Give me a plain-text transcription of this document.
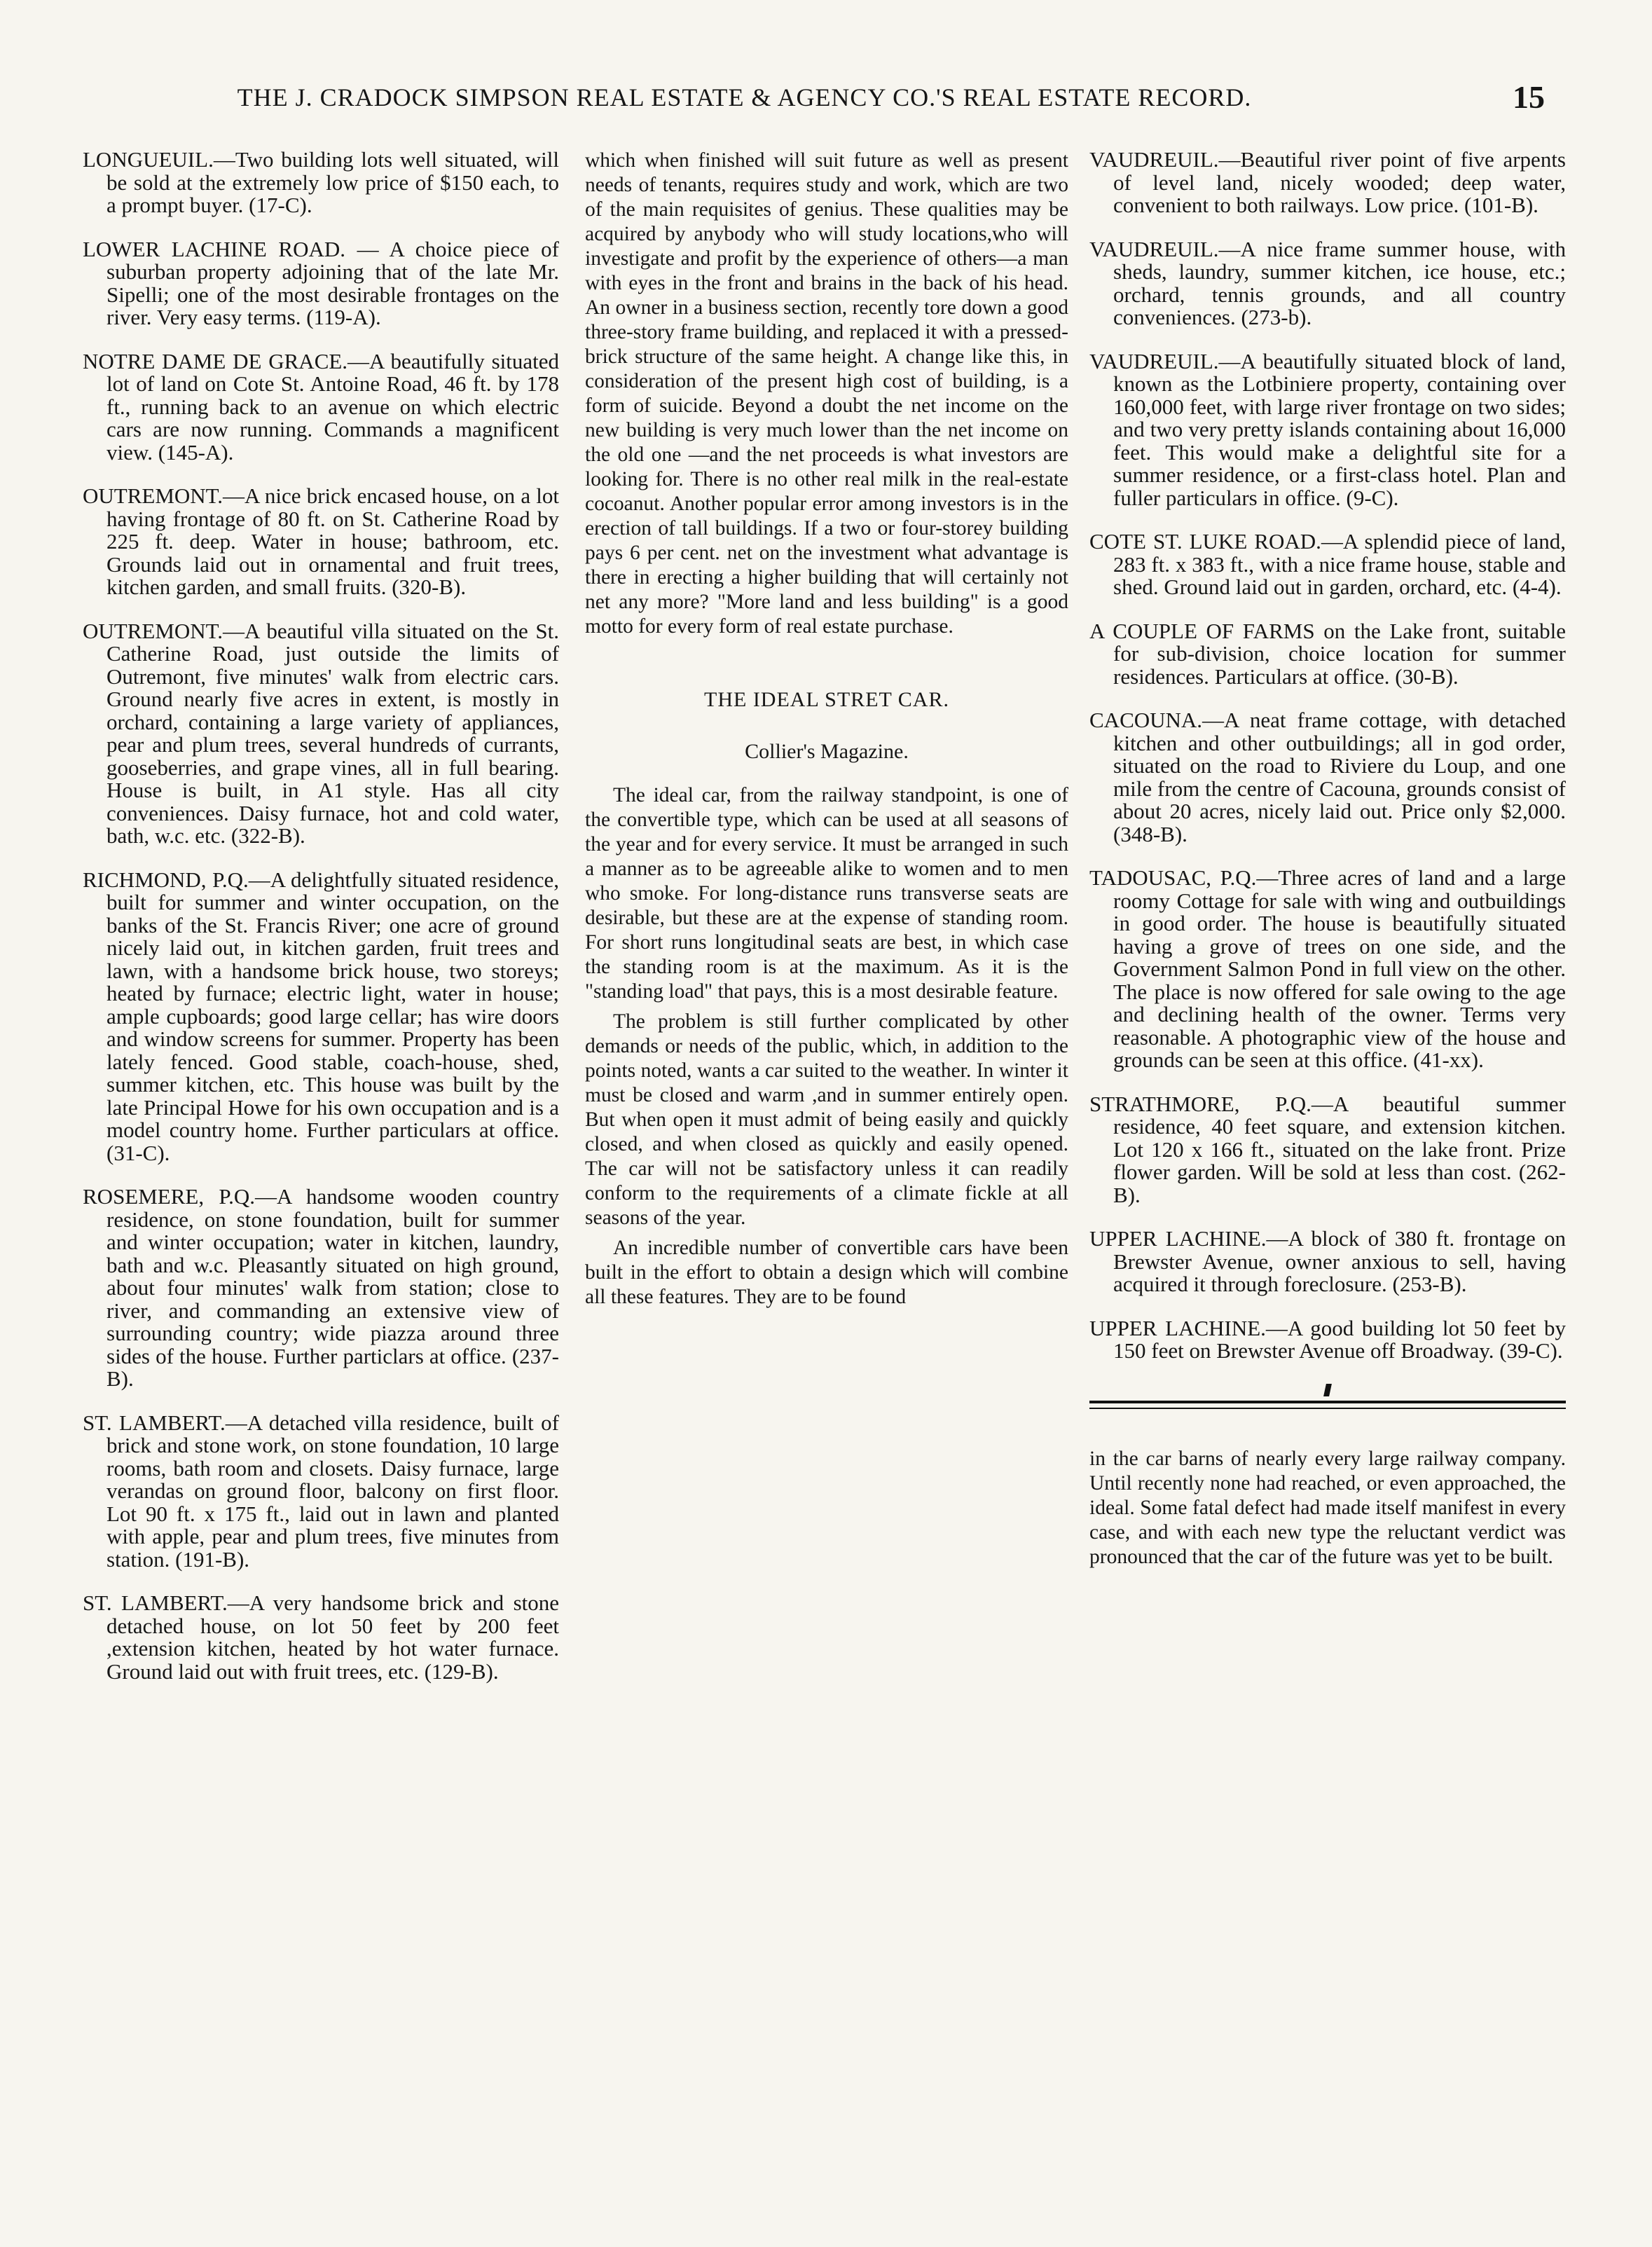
THE J. CRADOCK SIMPSON REAL ESTATE & AGENCY CO.'S REAL ESTATE RECORD.	15

LONGUEUIL.—Two building lots well situated, will be sold at the extremely low price of $150 each, to a prompt buyer. (17-C).

LOWER LACHINE ROAD. — A choice piece of suburban property adjoining that of the late Mr. Sipelli; one of the most desirable frontages on the river. Very easy terms. (119-A).

NOTRE DAME DE GRACE.—A beautifully situated lot of land on Cote St. Antoine Road, 46 ft. by 178 ft., running back to an avenue on which electric cars are now running. Commands a magnificent view. (145-A).

OUTREMONT.—A nice brick encased house, on a lot having frontage of 80 ft. on St. Catherine Road by 225 ft. deep. Water in house; bathroom, etc. Grounds laid out in ornamental and fruit trees, kitchen garden, and small fruits. (320-B).

OUTREMONT.—A beautiful villa situated on the St. Catherine Road, just outside the limits of Outremont, five minutes' walk from electric cars. Ground nearly five acres in extent, is mostly in orchard, containing a large variety of appliances, pear and plum trees, several hundreds of currants, gooseberries, and grape vines, all in full bearing. House is built, in A1 style. Has all city conveniences. Daisy furnace, hot and cold water, bath, w.c. etc. (322-B).

RICHMOND, P.Q.—A delightfully situated residence, built for summer and winter occupation, on the banks of the St. Francis River; one acre of ground nicely laid out, in kitchen garden, fruit trees and lawn, with a handsome brick house, two storeys; heated by furnace; electric light, water in house; ample cupboards; good large cellar; has wire doors and window screens for summer. Property has been lately fenced. Good stable, coach-house, shed, summer kitchen, etc. This house was built by the late Principal Howe for his own occupation and is a model country home. Further particulars at office. (31-C).

ROSEMERE, P.Q.—A handsome wooden country residence, on stone foundation, built for summer and winter occupation; water in kitchen, laundry, bath and w.c. Pleasantly situated on high ground, about four minutes' walk from station; close to river, and commanding an extensive view of surrounding country; wide piazza around three sides of the house. Further particlars at office. (237-B).

ST. LAMBERT.—A detached villa residence, built of brick and stone work, on stone foundation, 10 large rooms, bath room and closets. Daisy furnace, large verandas on ground floor, balcony on first floor. Lot 90 ft. x 175 ft., laid out in lawn and planted with apple, pear and plum trees, five minutes from station. (191-B).

ST. LAMBERT.—A very handsome brick and stone detached house, on lot 50 feet by 200 feet ,extension kitchen, heated by hot water furnace. Ground laid out with fruit trees, etc. (129-B).

which when finished will suit future as well as present needs of tenants, requires study and work, which are two of the main requisites of genius. These qualities may be acquired by anybody who will study locations,who will investigate and profit by the experience of others—a man with eyes in the front and brains in the back of his head. An owner in a business section, recently tore down a good three-story frame building, and replaced it with a pressed-brick structure of the same height. A change like this, in consideration of the present high cost of building, is a form of suicide. Beyond a doubt the net income on the new building is very much lower than the net income on the old one —and the net proceeds is what investors are looking for. There is no other real milk in the real-estate cocoanut. Another popular error among investors is in the erection of tall buildings. If a two or four-storey building pays 6 per cent. net on the investment what advantage is there in erecting a higher building that will certainly not net any more? "More land and less building" is a good motto for every form of real estate purchase.

THE IDEAL STRET CAR.
Collier's Magazine.

The ideal car, from the railway standpoint, is one of the convertible type, which can be used at all seasons of the year and for every service. It must be arranged in such a manner as to be agreeable alike to women and to men who smoke. For long-distance runs transverse seats are desirable, but these are at the expense of standing room. For short runs longitudinal seats are best, in which case the standing room is at the maximum. As it is the "standing load" that pays, this is a most desirable feature.

The problem is still further complicated by other demands or needs of the public, which, in addition to the points noted, wants a car suited to the weather. In winter it must be closed and warm ,and in summer entirely open. But when open it must admit of being easily and quickly closed, and when closed as quickly and easily opened. The car will not be satisfactory unless it can readily conform to the requirements of a climate fickle at all seasons of the year.

An incredible number of convertible cars have been built in the effort to obtain a design which will combine all these features. They are to be found

VAUDREUIL.—Beautiful river point of five arpents of level land, nicely wooded; deep water, convenient to both railways. Low price. (101-B).

VAUDREUIL.—A nice frame summer house, with sheds, laundry, summer kitchen, ice house, etc.; orchard, tennis grounds, and all country conveniences. (273-b).

VAUDREUIL.—A beautifully situated block of land, known as the Lotbiniere property, containing over 160,000 feet, with large river frontage on two sides; and two very pretty islands containing about 16,000 feet. This would make a delightful site for a summer residence, or a first-class hotel. Plan and fuller particulars in office. (9-C).

COTE ST. LUKE ROAD.—A splendid piece of land, 283 ft. x 383 ft., with a nice frame house, stable and shed. Ground laid out in garden, orchard, etc. (4-4).

A COUPLE OF FARMS on the Lake front, suitable for sub-division, choice location for summer residences. Particulars at office. (30-B).

CACOUNA.—A neat frame cottage, with detached kitchen and other outbuildings; all in god order, situated on the road to Riviere du Loup, and one mile from the centre of Cacouna, grounds consist of about 20 acres, nicely laid out. Price only $2,000. (348-B).

TADOUSAC, P.Q.—Three acres of land and a large roomy Cottage for sale with wing and outbuildings in good order. The house is beautifully situated having a grove of trees on one side, and the Government Salmon Pond in full view on the other. The place is now offered for sale owing to the age and declining health of the owner. Terms very reasonable. A photographic view of the house and grounds can be seen at this office. (41-xx).

STRATHMORE, P.Q.—A beautiful summer residence, 40 feet square, and extension kitchen. Lot 120 x 166 ft., situated on the lake front. Prize flower garden. Will be sold at less than cost. (262-B).

UPPER LACHINE.—A block of 380 ft. frontage on Brewster Avenue, owner anxious to sell, having acquired it through foreclosure. (253-B).

UPPER LACHINE.—A good building lot 50 feet by 150 feet on Brewster Avenue off Broadway. (39-C).

in the car barns of nearly every large railway company. Until recently none had reached, or even approached, the ideal. Some fatal defect had made itself manifest in every case, and with each new type the reluctant verdict was pronounced that the car of the future was yet to be built.
